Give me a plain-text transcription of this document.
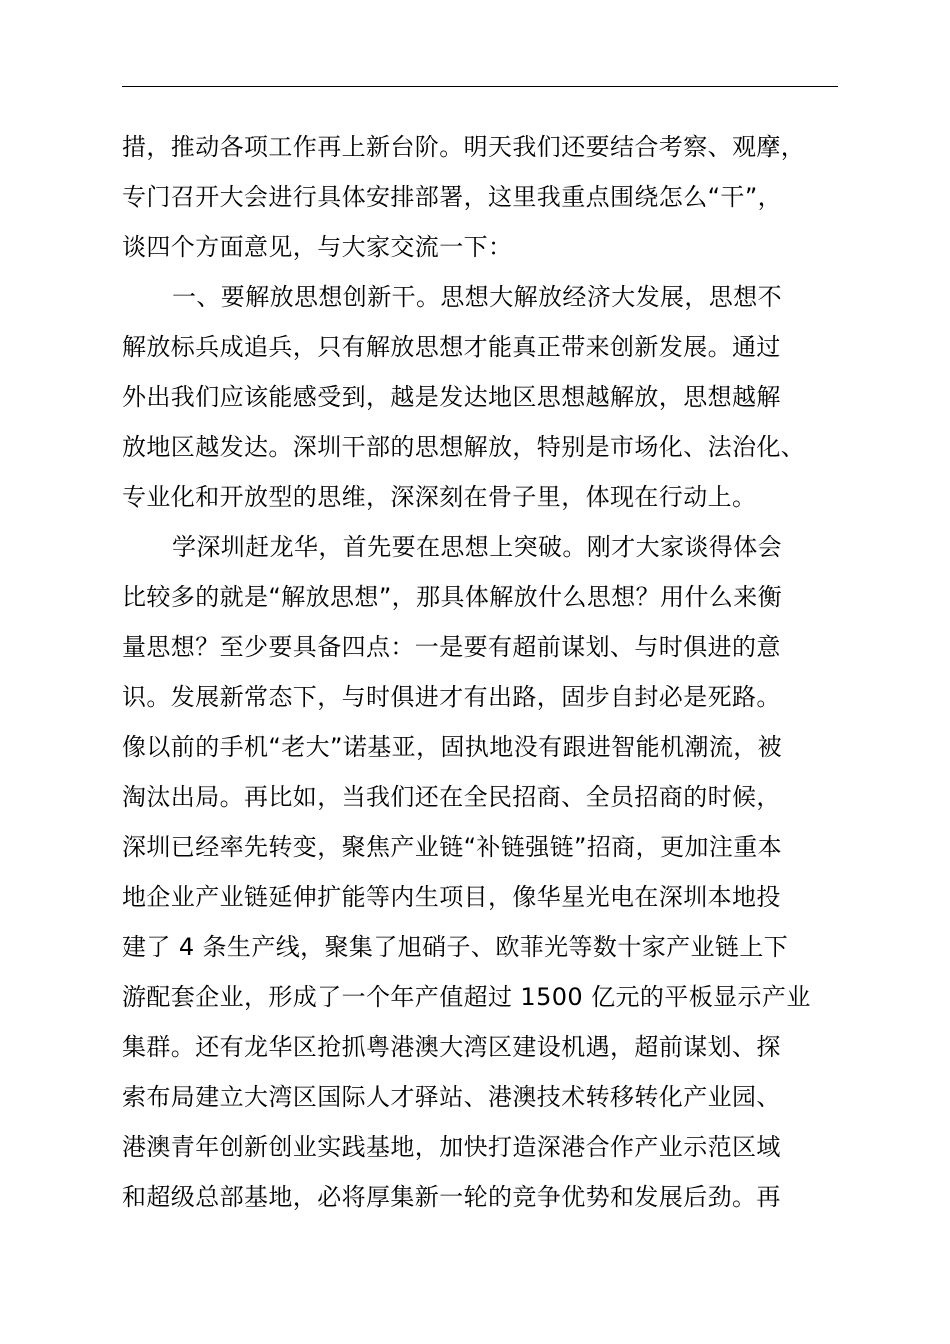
措，推动各项工作再上新台阶。明天我们还要结合考察、观摩，
专门召开大会进行具体安排部署，这里我重点围绕怎么“干”，
谈四个方面意见，与大家交流一下：
一、要解放思想创新干。思想大解放经济大发展，思想不
解放标兵成追兵，只有解放思想才能真正带来创新发展。通过
外出我们应该能感受到，越是发达地区思想越解放，思想越解
放地区越发达。深圳干部的思想解放，特别是市场化、法治化、
专业化和开放型的思维，深深刻在骨子里，体现在行动上。
学深圳赶龙华，首先要在思想上突破。刚才大家谈得体会
比较多的就是“解放思想”，那具体解放什么思想？用什么来衡
量思想？至少要具备四点：一是要有超前谋划、与时俱进的意
识。发展新常态下，与时俱进才有出路，固步自封必是死路。
像以前的手机“老大”诺基亚，固执地没有跟进智能机潮流，被
淘汰出局。再比如，当我们还在全民招商、全员招商的时候，
深圳已经率先转变，聚焦产业链“补链强链”招商，更加注重本
地企业产业链延伸扩能等内生项目，像华星光电在深圳本地投
建了 4 条生产线，聚集了旭硝子、欧菲光等数十家产业链上下
游配套企业，形成了一个年产值超过 1500 亿元的平板显示产业
集群。还有龙华区抢抓粤港澳大湾区建设机遇，超前谋划、探
索布局建立大湾区国际人才驿站、港澳技术转移转化产业园、
港澳青年创新创业实践基地，加快打造深港合作产业示范区域
和超级总部基地，必将厚集新一轮的竞争优势和发展后劲。再
